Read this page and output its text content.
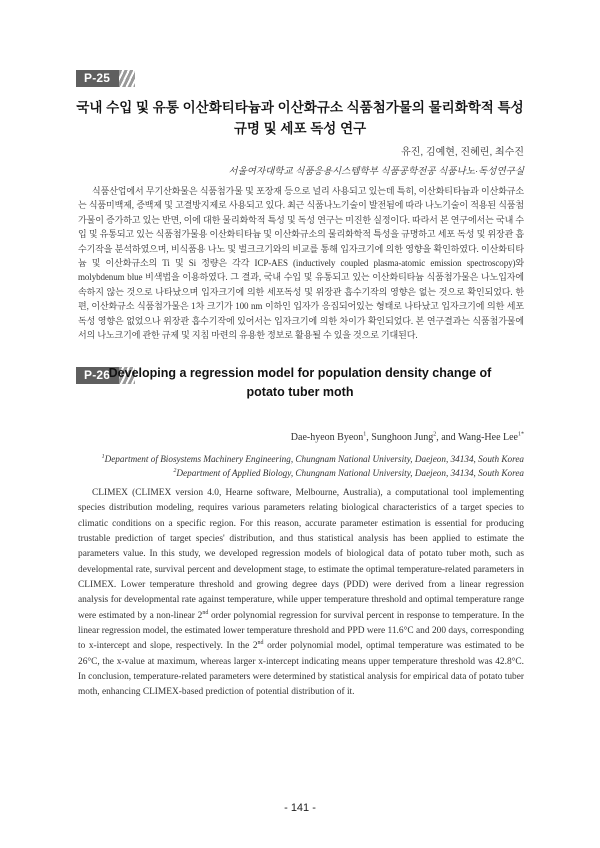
P-25
국내 수입 및 유통 이산화티타늄과 이산화규소 식품첨가물의 물리화학적 특성
규명 및 세포 독성 연구
유진, 김예현, 진혜린, 최수진
서울여자대학교 식품응용시스템학부 식품공학전공 식품나노·독성연구실

식품산업에서 무기산화물은 식품첨가물 및 포장재 등으로 널리 사용되고 있는데 특히, 이산화티타늄과 이산화규소는 식품미백제, 증백제 및 고결방지제로 사용되고 있다. 최근 식품나노기술이 발전됨에 따라 나노기술이 적용된 식품첨가물이 증가하고 있는 반면, 이에 대한 물리화학적 특성 및 독성 연구는 미진한 실정이다. 따라서 본 연구에서는 국내 수입 및 유통되고 있는 식품첨가물용 이산화티타늄 및 이산화규소의 물리화학적 특성을 규명하고 세포 독성 및 위장관 흡수기작을 분석하였으며, 비식품용 나노 및 벌크크기와의 비교를 통해 입자크기에 의한 영향을 확인하였다. 이산화티타늄 및 이산화규소의 Ti 및 Si 정량은 각각 ICP-AES (inductively coupled plasma-atomic emission spectroscopy)와 molybdenum blue 비색법을 이용하였다. 그 결과, 국내 수입 및 유통되고 있는 이산화티타늄 식품첨가물은 나노입자에 속하지 않는 것으로 나타났으며 입자크기에 의한 세포독성 및 위장관 흡수기작의 영향은 없는 것으로 확인되었다. 한편, 이산화규소 식품첨가물은 1차 크기가 100 nm 이하인 입자가 응집되어있는 형태로 나타났고 입자크기에 의한 세포독성 영향은 없었으나 위장관 흡수기작에 있어서는 입자크기에 의한 차이가 확인되었다. 본 연구결과는 식품첨가물에서의 나노크기에 관한 규제 및 지침 마련의 유용한 정보로 활용될 수 있을 것으로 기대된다.

P-26
Developing a regression model for population density change of
potato tuber moth
Dae-hyeon Byeon$^1$, Sunghoon Jung$^2$, and Wang-Hee Lee$^{1*}$
$^1$Department of Biosystems Machinery Engineering, Chungnam National University, Daejeon, 34134, South Korea
$^2$Department of Applied Biology, Chungnam National University, Daejeon, 34134, South Korea

CLIMEX (CLIMEX version 4.0, Hearne software, Melbourne, Australia), a computational tool implementing species distribution modeling, requires various parameters relating biological characteristics of a target species to climatic conditions on a specific region. For this reason, accurate parameter estimation is essential for producing trustable prediction of target species' distribution, and thus statistical analysis has been applied to estimate the parameters value. In this study, we developed regression models of biological data of potato tuber moth, such as developmental rate, survival percent and development stage, to estimate the optimal temperature-related parameters in CLIMEX. Lower temperature threshold and growing degree days (PDD) were derived from a linear regression analysis for developmental rate against temperature, while upper temperature threshold and optimal temperature range were estimated by a non-linear 2nd order polynomial regression for survival percent in response to temperature. In the linear regression model, the estimated lower temperature threshold and PPD were 11.6°C and 200 days, corresponding to x-intercept and slope, respectively. In the 2nd order polynomial model, optimal temperature was estimated to be 26°C, the x-value at maximum, whereas larger x-intercept indicating means upper temperature threshold was 42.8°C. In conclusion, temperature-related parameters were determined by statistical analysis for empirical data of potato tuber moth, enhancing CLIMEX-based prediction of potential distribution of it.

- 141 -
